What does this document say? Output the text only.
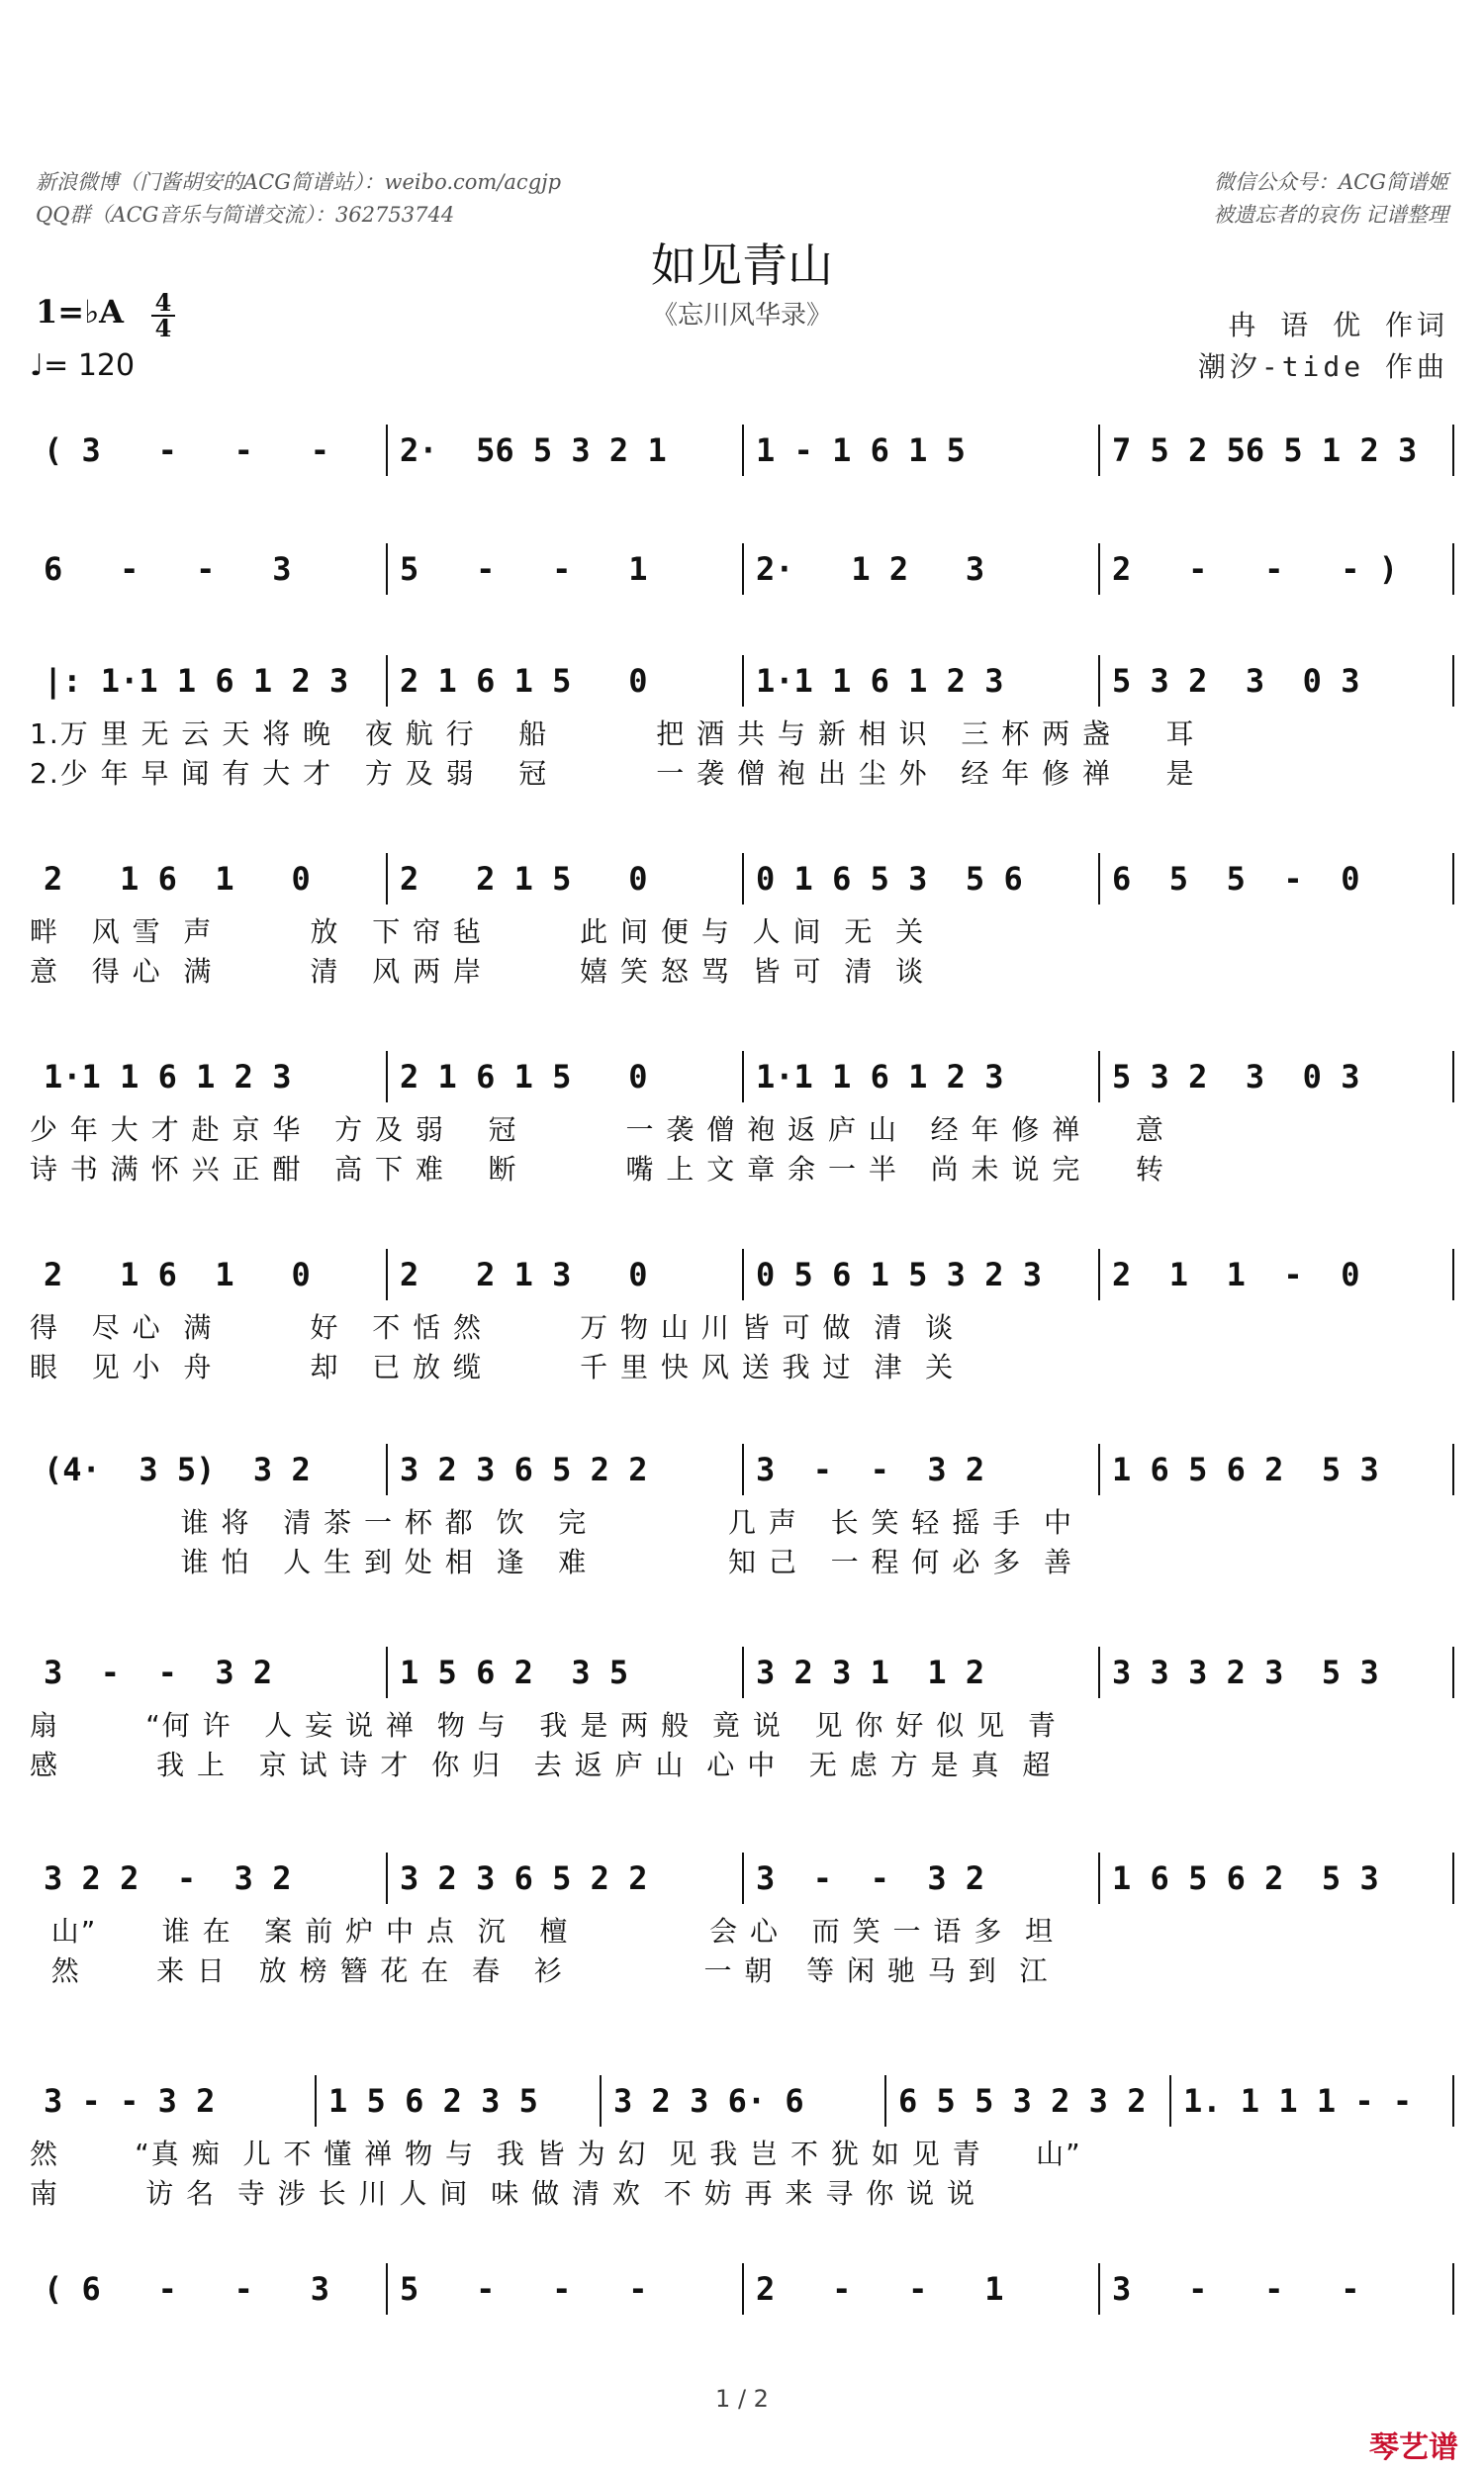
新浪微博（门酱胡安的ACG简谱站）：weibo.com/acgjp
QQ群（ACG音乐与简谱交流）：362753744
微信公众号：ACG简谱姬
被遗忘者的哀伤 记谱整理
如见青山
《忘川风华录》
1=♭A 4
4
♩= 120
冉 语 优 作词
潮汐-tide 作曲
( 3   -   -   -	2·  56 5 3 2 1	1 - 1 6 1 5	7 5 2 56 5 1 2 3
6   -   -   3	5   -   -   1	2·   1 2   3	2   -   -   - )
|: 1·1 1 6 1 2 3	2 1 6 1 5   0	1·1 1 6 1 2 3	5 3 2  3  0 3
1.万 里 无 云 天 将 晚   夜 航 行    船          把 酒 共 与 新 相 识   三 杯 两 盏     耳
2.少 年 早 闻 有 大 才   方 及 弱    冠          一 袭 僧 袍 出 尘 外   经 年 修 禅     是
2   1 6  1   0	2   2 1 5   0	0 1 6 5 3  5 6	6  5  5  -  0
畔   风 雪  声         放   下 帘 毡         此 间 便 与  人 间  无  关
意   得 心  满         清   风 两 岸         嬉 笑 怒 骂  皆 可  清  谈
1·1 1 6 1 2 3	2 1 6 1 5   0	1·1 1 6 1 2 3	5 3 2  3  0 3
少 年 大 才 赴 京 华   方 及 弱    冠          一 袭 僧 袍 返 庐 山   经 年 修 禅     意
诗 书 满 怀 兴 正 酣   高 下 难    断          嘴 上 文 章 余 一 半   尚 未 说 完     转
2   1 6  1   0	2   2 1 3   0	0 5 6 1 5 3 2 3	2  1  1  -  0
得   尽 心  满         好   不 恬 然         万 物 山 川 皆 可 做  清  谈
眼   见 小  舟         却   已 放 缆         千 里 快 风 送 我 过  津  关
(4·  3 5)  3 2	3 2 3 6 5 2 2	3  -  -  3 2	1 6 5 6 2  5 3
谁 将   清 茶 一 杯 都  饮   完             几 声   长 笑 轻 摇 手  中
谁 怕   人 生 到 处 相  逢   难             知 己   一 程 何 必 多  善
3  -  -  3 2	1 5 6 2  3 5	3 2 3 1  1 2	3 3 3 2 3  5 3
扇        “何 许   人 妄 说 禅  物 与   我 是 两 般  竟 说   见 你 好 似 见  青
感         我 上   京 试 诗 才  你 归   去 返 庐 山  心 中   无 虑 方 是 真  超
3 2 2  -  3 2	3 2 3 6 5 2 2	3  -  -  3 2	1 6 5 6 2  5 3
山”      谁 在   案 前 炉 中 点  沉   檀             会 心   而 笑 一 语 多  坦
然       来 日   放 榜 簪 花 在  春   衫             一 朝   等 闲 驰 马 到  江
3 - - 3 2	1 5 6 2 3 5	3 2 3 6· 6	6 5 5 3 2 3 2	1. 1 1 1 - -
然       “真 痴  儿 不 懂 禅 物 与  我 皆 为 幻  见 我 岂 不 犹 如 见 青     山”
南        访 名  寺 涉 长 川 人 间  味 做 清 欢  不 妨 再 来 寻 你 说 说
( 6   -   -   3	5   -   -   -	2   -   -   1	3   -   -   -
1 / 2
琴艺谱
